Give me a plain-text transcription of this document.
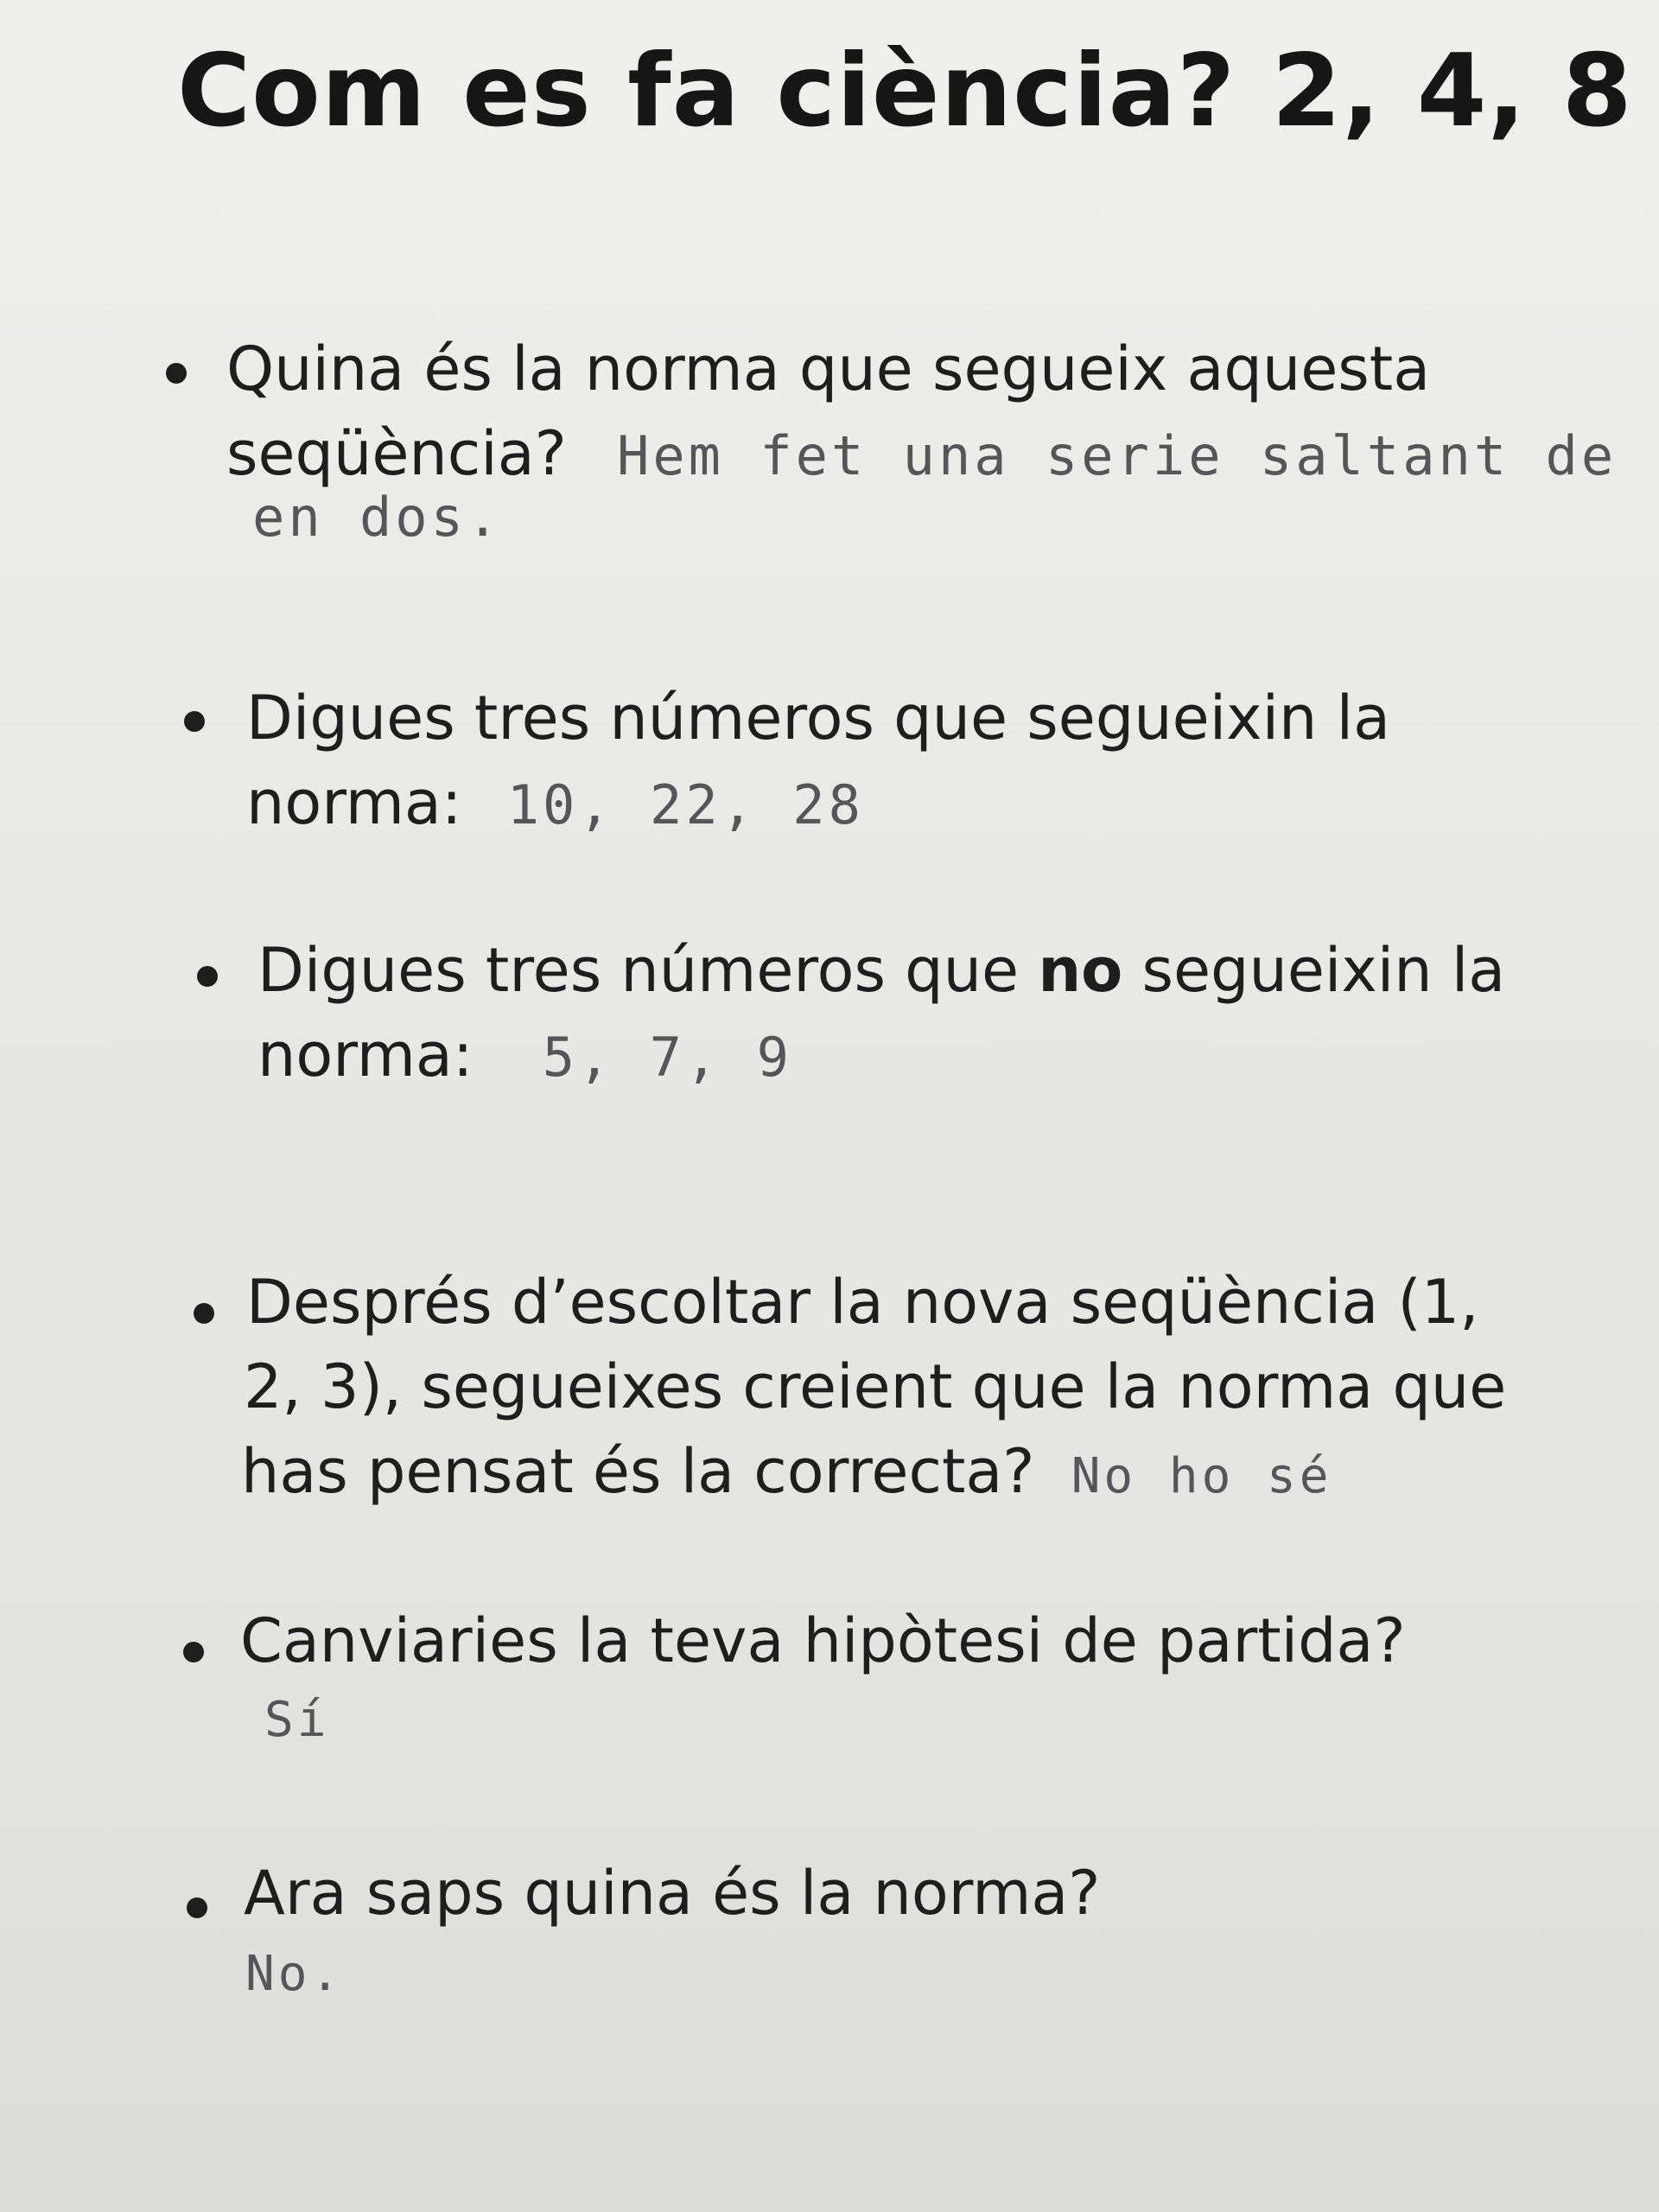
Com es fa ciència? 2, 4, 8
Quina és la norma que segueix aquesta
seqüència? Hem fet una serie saltant de
en dos.
Digues tres números que segueixin la
norma: 10, 22, 28
Digues tres números que no segueixin la
norma: 5, 7, 9
Després d’escoltar la nova seqüència (1,
2, 3), segueixes creient que la norma que
has pensat és la correcta? No ho sé
Canviaries la teva hipòtesi de partida?
Sí
Ara saps quina és la norma?
No.
